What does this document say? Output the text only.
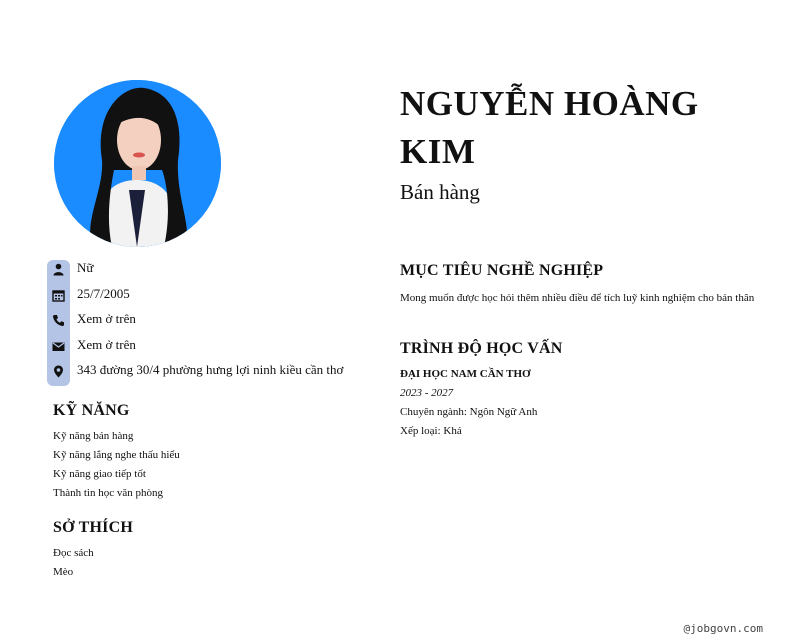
Nữ
25/7/2005
Xem ở trên
Xem ở trên
343 đường 30/4 phường hưng lợi ninh kiều cần thơ
KỸ NĂNG
Kỹ năng bán hàng
Kỹ năng lắng nghe thấu hiểu
Kỹ năng giao tiếp tốt
Thành tin học văn phòng
SỞ THÍCH
Đọc sách
Mèo
NGUYỄN HOÀNG KIM
Bán hàng
MỤC TIÊU NGHỀ NGHIỆP
Mong muốn được học hỏi thêm nhiều điều để tích luỹ kinh nghiệm cho bản thân
TRÌNH ĐỘ HỌC VẤN
ĐẠI HỌC NAM CẦN THƠ
2023 - 2027
Chuyên ngành: Ngôn Ngữ Anh
Xếp loại: Khá
@jobgovn.com
